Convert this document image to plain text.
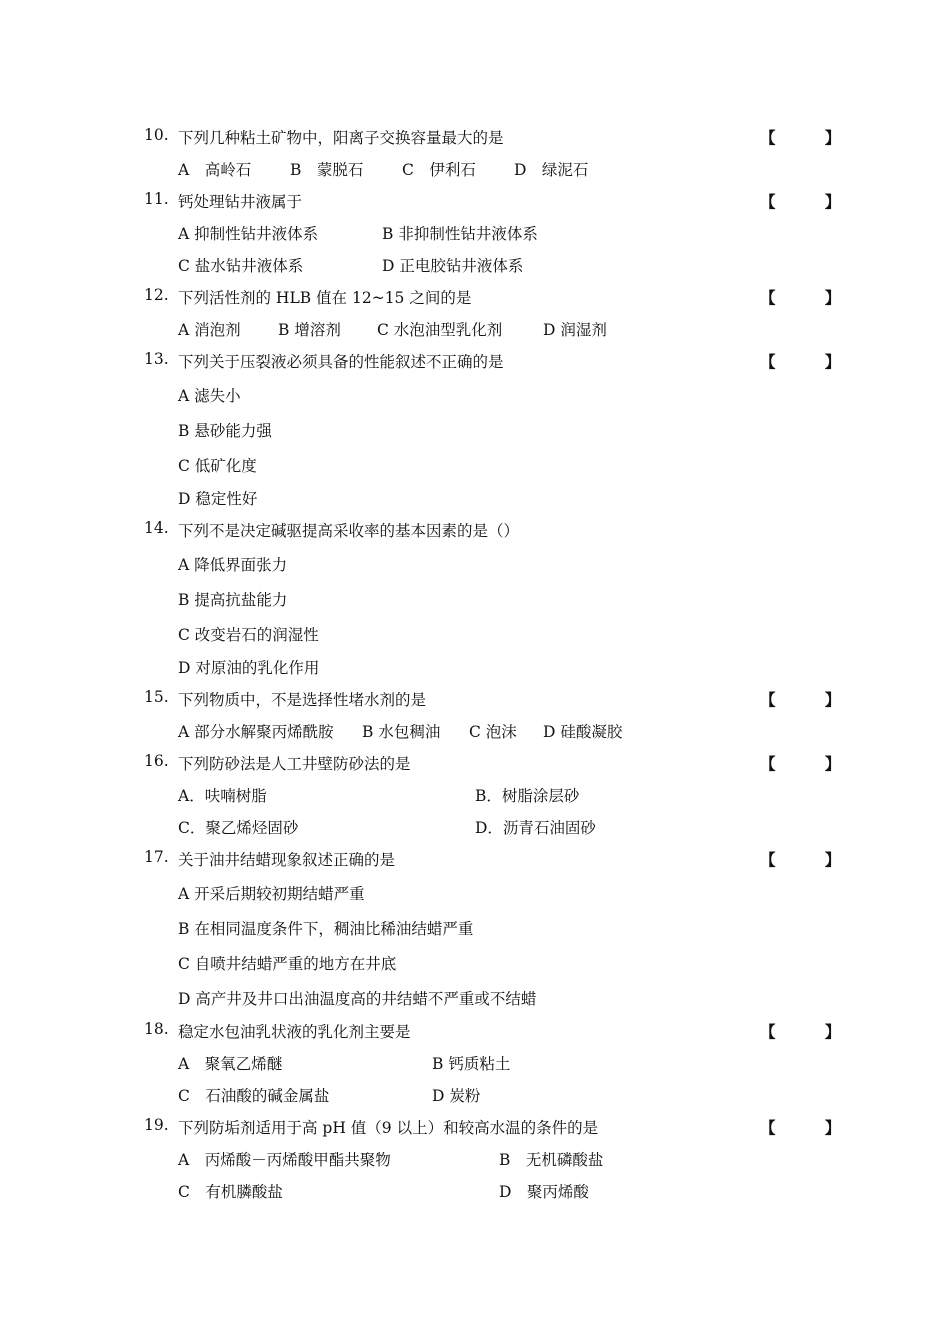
10. 下列几种粘土矿物中，阳离子交换容量最大的是	【 】
A　高岭石	B　蒙脱石 C　伊利石 D　绿泥石
11. 钙处理钻井液属于	【 】
A 抑制性钻井液体系	B 非抑制性钻井液体系
C 盐水钻井液体系	D 正电胶钻井液体系
12. 下列活性剂的 HLB 值在 12~15 之间的是	【 】
A 消泡剂 B 增溶剂 C 水泡油型乳化剂	D 润湿剂
13. 下列关于压裂液必须具备的性能叙述不正确的是	【 】
A 滤失小
B 悬砂能力强
C 低矿化度
D 稳定性好
14. 下列不是决定碱驱提高采收率的基本因素的是（）
A 降低界面张力
B 提高抗盐能力
C 改变岩石的润湿性
D 对原油的乳化作用
15. 下列物质中，不是选择性堵水剂的是	【 】
A 部分水解聚丙烯酰胺 B 水包稠油 C 泡沫 D 硅酸凝胶
16. 下列防砂法是人工井壁防砂法的是	【 】
A．呋喃树脂	B．树脂涂层砂
C．聚乙烯烃固砂	D．沥青石油固砂
17. 关于油井结蜡现象叙述正确的是	【 】
A 开采后期较初期结蜡严重
B 在相同温度条件下，稠油比稀油结蜡严重
C 自喷井结蜡严重的地方在井底
D 高产井及井口出油温度高的井结蜡不严重或不结蜡
18. 稳定水包油乳状液的乳化剂主要是	【 】
A　聚氧乙烯醚	B 钙质粘土
C　石油酸的碱金属盐	D 炭粉
19. 下列防垢剂适用于高 pH 值（9 以上）和较高水温的条件的是	【 】
A　丙烯酸－丙烯酸甲酯共聚物	B　无机磷酸盐
C　有机膦酸盐	D　聚丙烯酸
